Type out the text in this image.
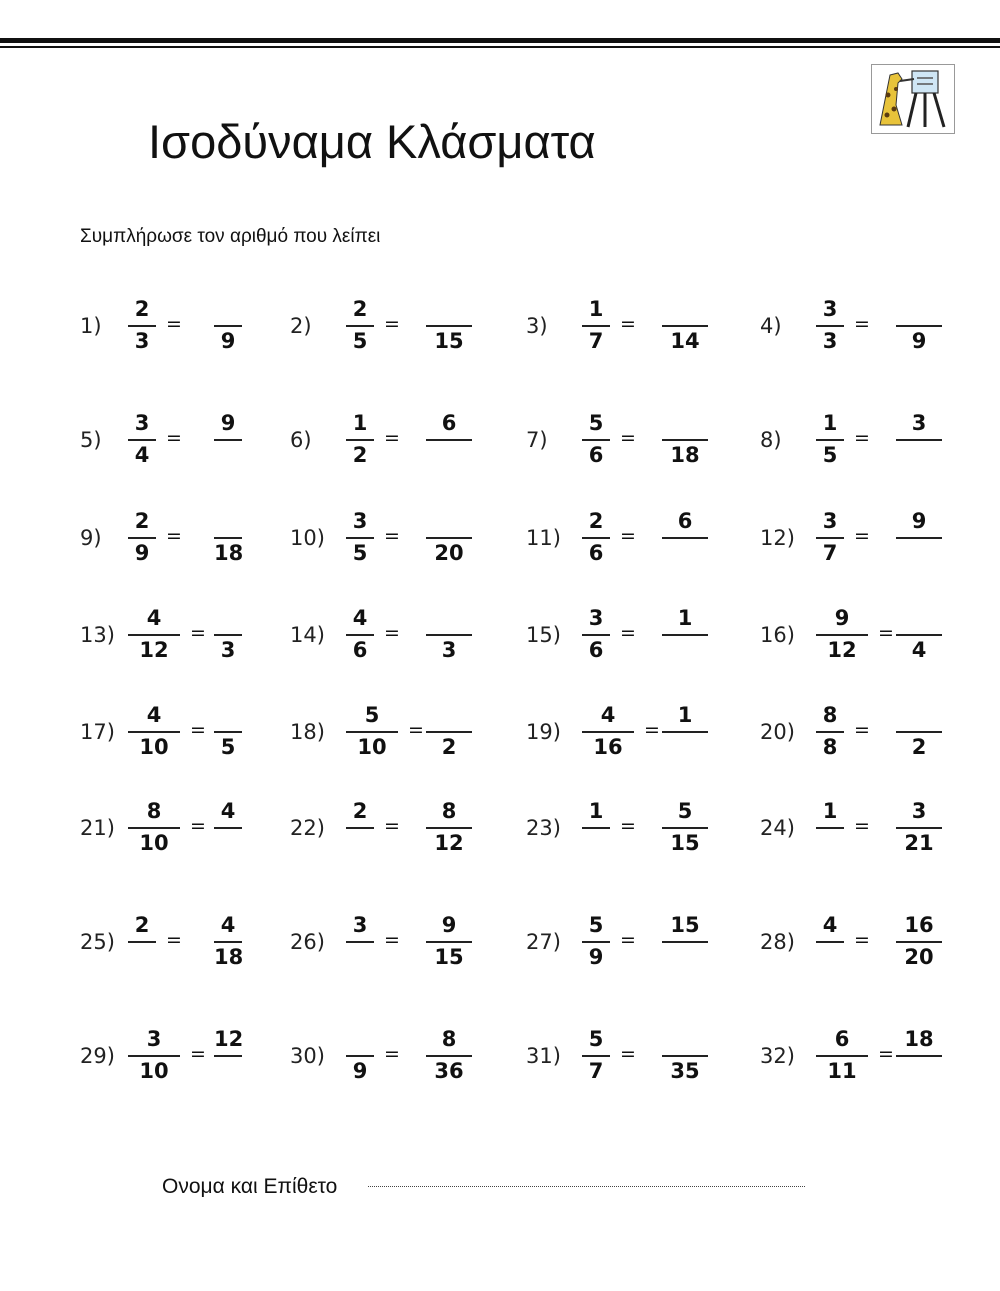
Ισοδύναμα Κλάσματα
Συμπλήρωσε τον αριθμό που λείπει
1)
2
3
=
9
2)
2
5
=
15
3)
1
7
=
14
4)
3
3
=
9
5)
3
4
=
9
6)
1
2
=
6
7)
5
6
=
18
8)
1
5
=
3
9)
2
9
=
18
10)
3
5
=
20
11)
2
6
=
6
12)
3
7
=
9
13)
4
12
=
3
14)
4
6
=
3
15)
3
6
=
1
16)
9
12
=
4
17)
4
10
=
5
18)
5
10
=
2
19)
4
16
=
1
20)
8
8
=
2
21)
8
10
=
4
22)
2
=
8
12
23)
1
=
5
15
24)
1
=
3
21
25)
2
=
4
18
26)
3
=
9
15
27)
5
9
=
15
28)
4
=
16
20
29)
3
10
=
12
30)
9
=
8
36
31)
5
7
=
35
32)
6
11
=
18
Ονομα και Επίθετο
